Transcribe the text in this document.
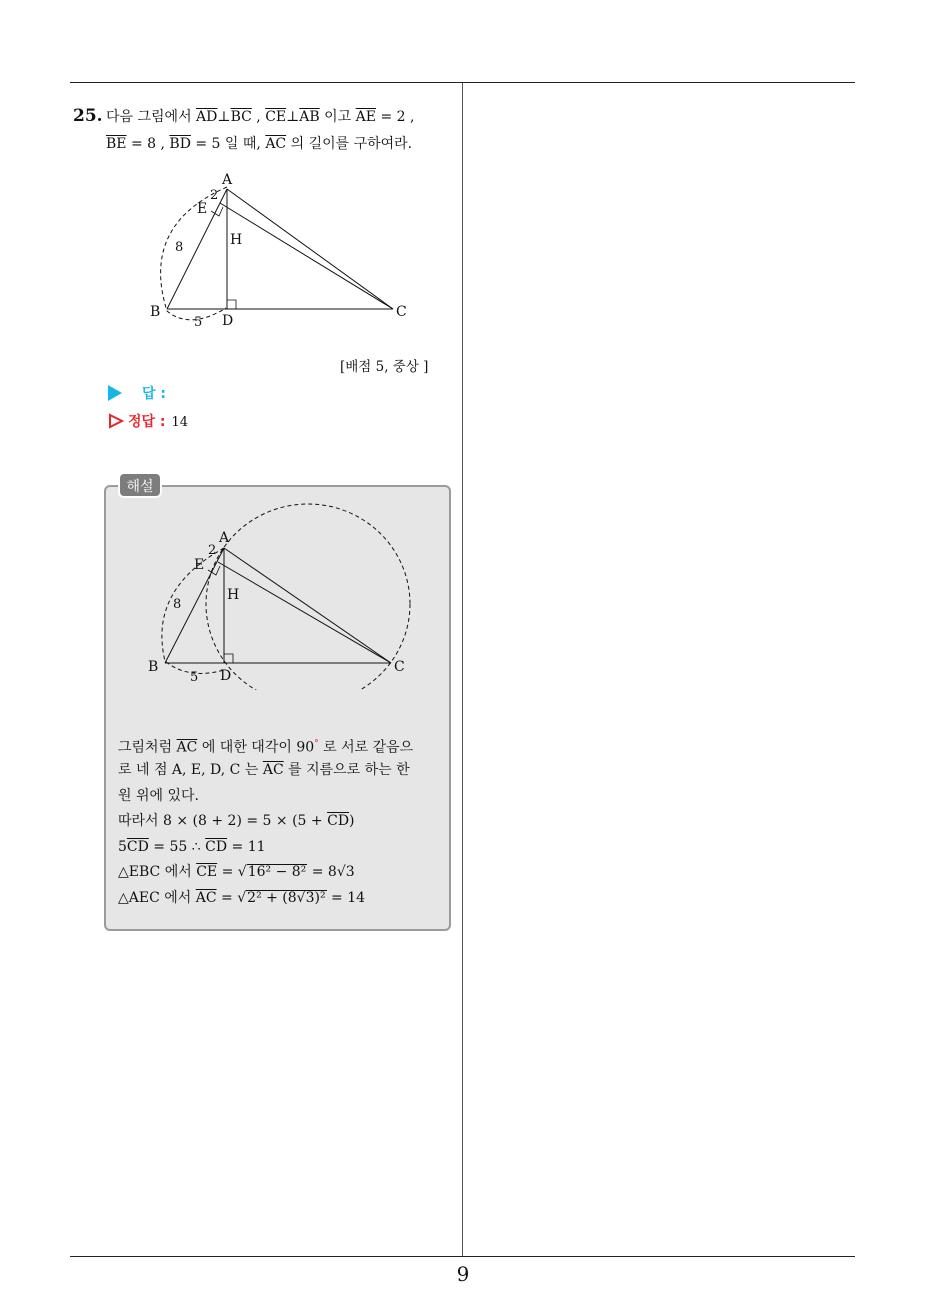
25. 다음 그림에서 $\overline{AD}\perp\overline{BC}$ , $\overline{CE}\perp\overline{AB}$ 이고 $\overline{AE} = 2$ ,
$\overline{BE} = 8$ , $\overline{BD} = 5$ 일 때, $\overline{AC}$ 의 길이를 구하여라.
A
2
E
H
8
B
D
5
C
[배점 5, 중상 ]
답 :
정답 : 14
해설
A
2
E
H
8
B
D
5
C
그림처럼 $\overline{AC}$ 에 대한 대각이 90° 로 서로 같음으
로 네 점 A, E, D, C 는 $\overline{AC}$ 를 지름으로 하는 한
원 위에 있다.
따라서 $8 \times (8 + 2) = 5 \times (5 + \overline{CD})$
$5\overline{CD} = 55$ ∴ $\overline{CD} = 11$
△EBC 에서 $\overline{CE} = √16^2 - 8^2 = 8√3$
△AEC 에서 $\overline{AC} = √2^2 + (8√3)^2 = 14$
9
